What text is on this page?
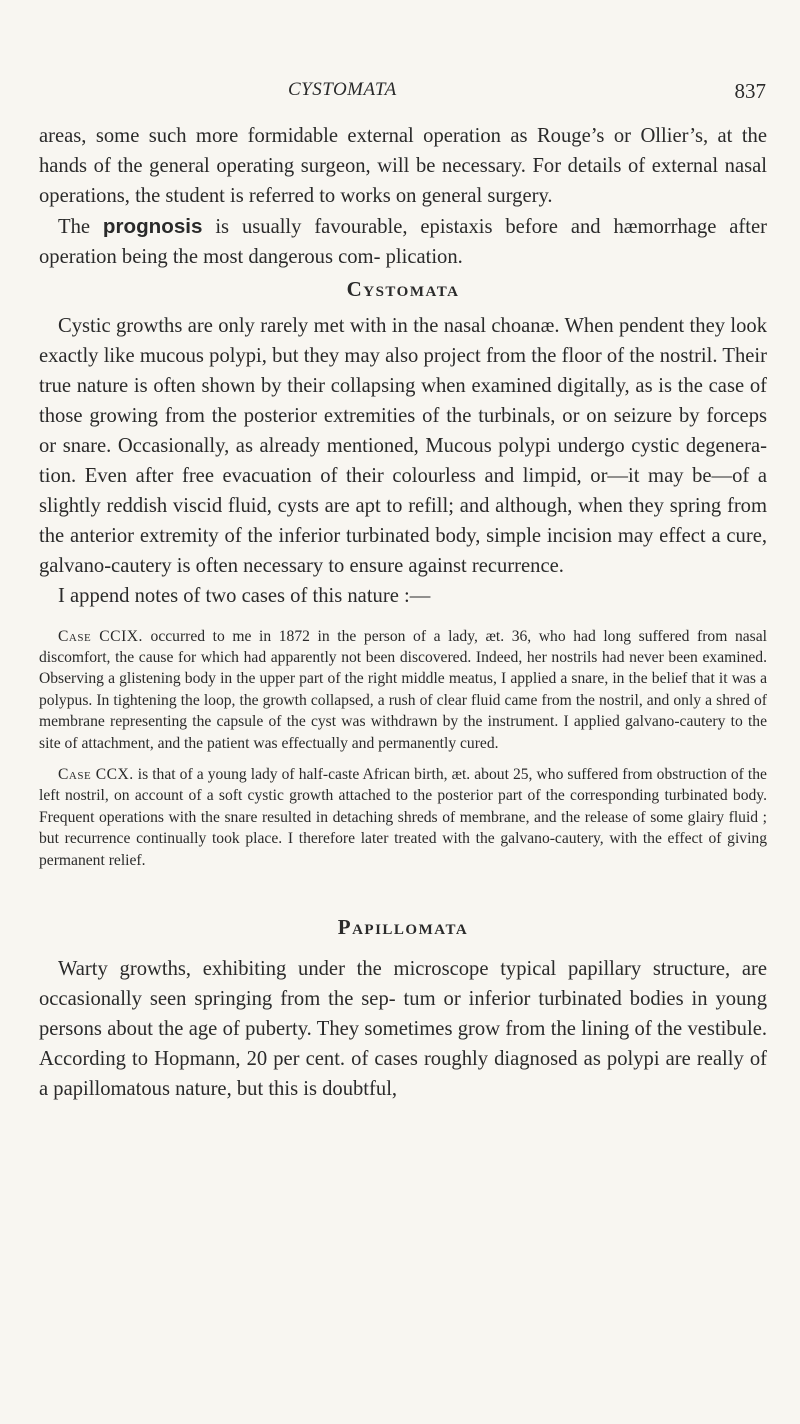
CYSTOMATA	837

areas, some such more formidable external operation as Rouge’s or Ollier’s, at the hands of the general operating surgeon, will be necessary. For details of external nasal operations, the student is referred to works on general surgery.

The prognosis is usually favourable, epistaxis before and hæmorrhage after operation being the most dangerous com- plication.

Cystomata

Cystic growths are only rarely met with in the nasal choanæ. When pendent they look exactly like mucous polypi, but they may also project from the floor of the nostril. Their true nature is often shown by their collapsing when examined digitally, as is the case of those growing from the posterior extremities of the turbinals, or on seizure by forceps or snare. Occasionally, as already mentioned, Mucous polypi undergo cystic degenera- tion. Even after free evacuation of their colourless and limpid, or—it may be—of a slightly reddish viscid fluid, cysts are apt to refill; and although, when they spring from the anterior extremity of the inferior turbinated body, simple incision may effect a cure, galvano-cautery is often necessary to ensure against recurrence.

I append notes of two cases of this nature :—

Case CCIX. occurred to me in 1872 in the person of a lady, æt. 36, who had long suffered from nasal discomfort, the cause for which had apparently not been discovered. Indeed, her nostrils had never been examined. Observing a glistening body in the upper part of the right middle meatus, I applied a snare, in the belief that it was a polypus. In tightening the loop, the growth collapsed, a rush of clear fluid came from the nostril, and only a shred of membrane representing the capsule of the cyst was withdrawn by the instrument. I applied galvano-cautery to the site of attachment, and the patient was effectually and permanently cured.

Case CCX. is that of a young lady of half-caste African birth, æt. about 25, who suffered from obstruction of the left nostril, on account of a soft cystic growth attached to the posterior part of the corresponding turbinated body. Frequent operations with the snare resulted in detaching shreds of membrane, and the release of some glairy fluid ; but recurrence continually took place. I therefore later treated with the galvano-cautery, with the effect of giving permanent relief.

Papillomata

Warty growths, exhibiting under the microscope typical papillary structure, are occasionally seen springing from the sep- tum or inferior turbinated bodies in young persons about the age of puberty. They sometimes grow from the lining of the vestibule. According to Hopmann, 20 per cent. of cases roughly diagnosed as polypi are really of a papillomatous nature, but this is doubtful,
